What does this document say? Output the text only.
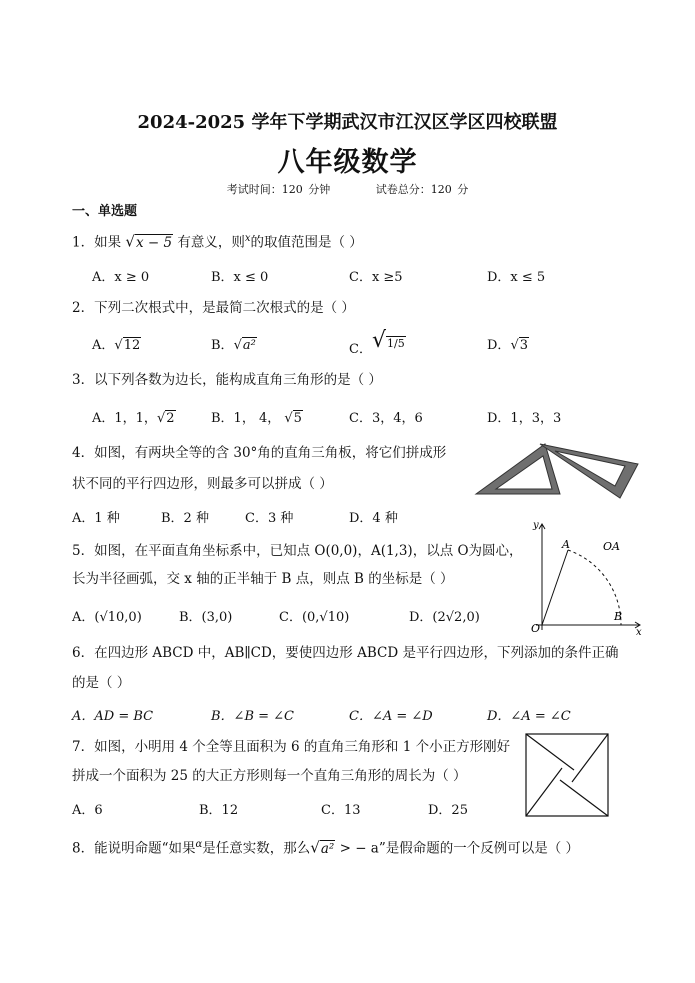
2024-2025 学年下学期武汉市江汉区学区四校联盟
八年级数学
考试时间：120 分钟	试卷总分：120 分
一、单选题
1．如果 √x − 5 有意义，则$^x$的取值范围是（ ）
A．x ≥ 0	B．x ≤ 0	C．x ≥5	D．x ≤ 5
2．下列二次根式中，是最简二次根式的是（ ）
A．√12	B．√a²	C．√1/5	D．√3
3．以下列各数为边长，能构成直角三角形的是（ ）
A．1，1，√2	B．1， 4， √5	C．3，4，6	D．1，3，3
4．如图，有两块全等的含 30°角的直角三角板，将它们拼成形
状不同的平行四边形，则最多可以拼成（ ）
A．1 种	B．2 种	C．3 种	D．4 种
5．如图，在平面直角坐标系中，已知点 O(0,0)，A(1,3)，以点 O为圆心，
长为半径画弧，交 x 轴的正半轴于 B 点，则点 B 的坐标是（ ）
A．(√10,0)	B．(3,0)	C．(0,√10)	D．(2√2,0)
y
x
O
A
B
OA
6．在四边形 ABCD 中，AB∥CD，要使四边形 ABCD 是平行四边形，下列添加的条件正确
的是（ ）
A．AD = BC	B．∠B = ∠C	C．∠A = ∠D	D．∠A = ∠C
7．如图，小明用 4 个全等且面积为 6 的直角三角形和 1 个小正方形刚好
拼成一个面积为 25 的大正方形则每一个直角三角形的周长为（ ）
A．6	B．12	C．13	D．25
8．能说明命题“如果$^\alpha$是任意实数，那么√a² > − a”是假命题的一个反例可以是（ ）
